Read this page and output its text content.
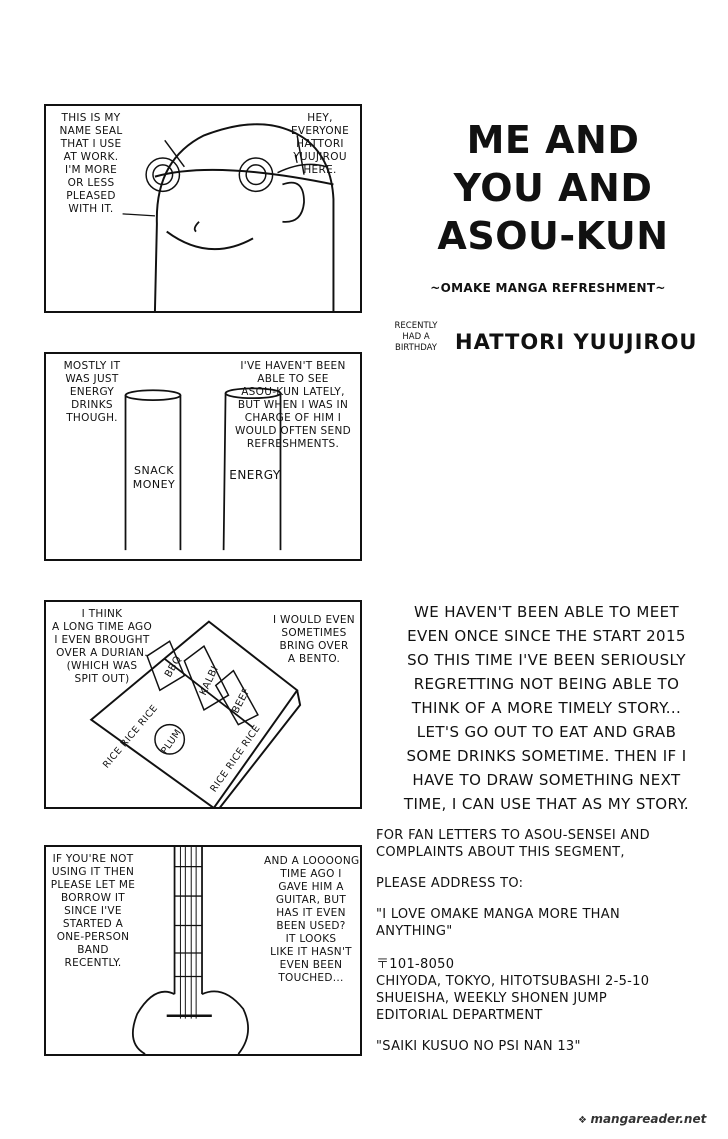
THIS IS MY
NAME SEAL
THAT I USE
AT WORK.
I'M MORE
OR LESS
PLEASED
WITH IT.
HEY,
EVERYONE
HATTORI
YUUJIROU
HERE.
MOSTLY IT
WAS JUST
ENERGY
DRINKS
THOUGH.
I'VE HAVEN'T BEEN
ABLE TO SEE
ASOU-KUN LATELY,
BUT WHEN I WAS IN
CHARGE OF HIM I
WOULD OFTEN SEND
REFRESHMENTS.
SNACK
MONEY
ENERGY
BBQ	KALBI
BEEF
RICE RICE RICE
PLUM	RICE RICE RICE
I THINK
A LONG TIME AGO
I EVEN BROUGHT
OVER A DURIAN.
(WHICH WAS
SPIT OUT)
I WOULD EVEN
SOMETIMES
BRING OVER
A BENTO.
IF YOU'RE NOT
USING IT THEN
PLEASE LET ME
BORROW IT
SINCE I'VE
STARTED A
ONE-PERSON
BAND
RECENTLY.
AND A LOOOONG
TIME AGO I
GAVE HIM A
GUITAR, BUT
HAS IT EVEN
BEEN USED?
IT LOOKS
LIKE IT HASN'T
EVEN BEEN
TOUCHED...
ME AND
YOU AND
ASOU-KUN
~OMAKE MANGA REFRESHMENT~
RECENTLY
HAD A
BIRTHDAY HATTORI YUUJIROU
WE HAVEN'T BEEN ABLE TO MEET
EVEN ONCE SINCE THE START 2015
SO THIS TIME I'VE BEEN SERIOUSLY
REGRETTING NOT BEING ABLE TO
THINK OF A MORE TIMELY STORY...
LET'S GO OUT TO EAT AND GRAB
SOME DRINKS SOMETIME. THEN IF I
HAVE TO DRAW SOMETHING NEXT
TIME, I CAN USE THAT AS MY STORY.
FOR FAN LETTERS TO ASOU-SENSEI AND
COMPLAINTS ABOUT THIS SEGMENT,
PLEASE ADDRESS TO:
"I LOVE OMAKE MANGA MORE THAN
ANYTHING"
〒101-8050
CHIYODA, TOKYO, HITOTSUBASHI 2-5-10
SHUEISHA, WEEKLY SHONEN JUMP
EDITORIAL DEPARTMENT
"SAIKI KUSUO NO PSI NAN 13"
❖ mangareader.net
